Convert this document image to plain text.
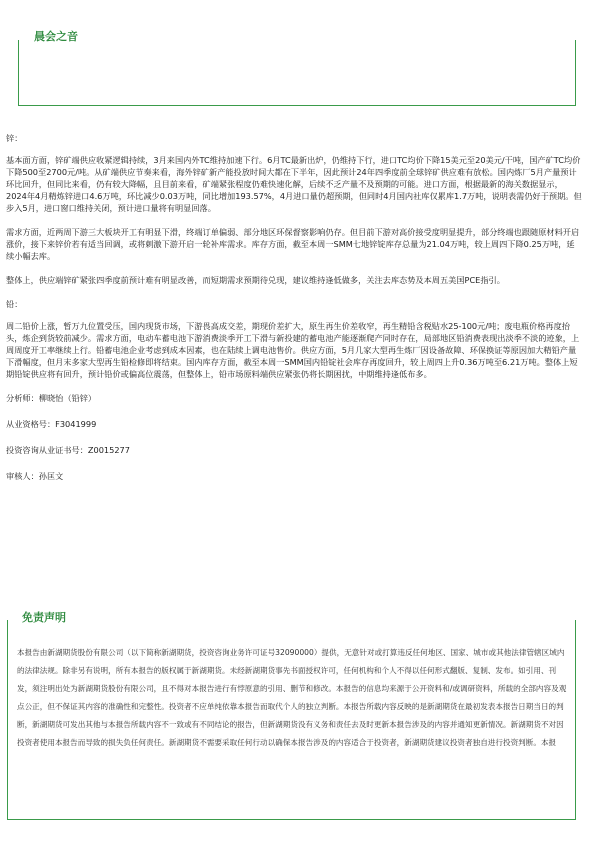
晨会之音

锌：

基本面方面，锌矿端供应收紧逻辑持续，3月来国内外TC维持加速下行。6月TC最新出炉，仍维持下行，进口TC均价下降15美元至20美元/干吨，国产矿TC均价下降500至2700元/吨。从矿端供应节奏来看，海外锌矿新产能投放时间大都在下半年，因此预计24年四季度前全球锌矿供应难有放松。国内炼厂5月产量预计环比回升，但同比来看，仍有较大降幅，且目前来看，矿端紧张程度仍难快速化解，后续不乏产量不及预期的可能。进口方面，根据最新的海关数据显示，2024年4月精炼锌进口4.6万吨，环比减少0.03万吨，同比增加193.57%，4月进口量仍超预期，但同时4月国内社库仅累库1.7万吨，说明表需仍好于预期。但步入5月，进口窗口维持关闭，预计进口量将有明显回落。

需求方面，近两周下游三大板块开工有明显下滑，终端订单偏弱、部分地区环保督察影响仍存。但目前下游对高价接受度明显提升，部分终端也跟随原材料开启涨价，接下来锌价若有适当回调，或将刺激下游开启一轮补库需求。库存方面，截至本周一SMM七地锌锭库存总量为21.04万吨，较上周四下降0.25万吨，延续小幅去库。

整体上，供应端锌矿紧张四季度前预计难有明显改善，而短期需求预期待兑现，建议维持逢低做多，关注去库态势及本周五美国PCE指引。

铅：

周二铅价上涨，暂万九位置受压，国内现货市场，下游畏高成交差，期现价差扩大，原生再生价差收窄，再生精铅含税贴水25-100元/吨；废电瓶价格再度抬头，炼企到货较前减少。需求方面，电动车蓄电池下游消费淡季开工下滑与新投建的蓄电池产能逐渐爬产同时存在，局部地区铅消费表现出淡季不淡的迹象，上周周度开工率继续上行。铅蓄电池企业考虑到成本因素，也在陆续上调电池售价。供应方面，5月几家大型再生炼厂因设备故障、环保换证等原因加大精铅产量下滑幅度，但月末多家大型再生铅检修即将结束。国内库存方面，截至本周一SMM国内铅锭社会库存再度回升，较上周四上升0.36万吨至6.21万吨。整体上短期铅锭供应将有回升，预计铅价或偏高位震荡，但整体上，铅市场原料端供应紧张仍将长期困扰，中期维持逢低布多。

分析师：柳晓怡（铅锌）

从业资格号：F3041999

投资咨询从业证书号：Z0015277

审核人：孙匡文

免责声明
本报告由新湖期货股份有限公司（以下简称新湖期货，投资咨询业务许可证号32090000）提供，无意针对或打算违反任何地区、国家、城市或其他法律管辖区域内的法律法规。除非另有说明，所有本报告的版权属于新湖期货。未经新湖期货事先书面授权许可，任何机构和个人不得以任何形式翻版、复制、发布。如引用、刊发，须注明出处为新湖期货股份有限公司，且不得对本报告进行有悖原意的引用、删节和修改。本报告的信息均来源于公开资料和/或调研资料，所载的全部内容及观点公正，但不保证其内容的准确性和完整性。投资者不应单纯依靠本报告而取代个人的独立判断。本报告所载内容反映的是新湖期货在最初发表本报告日期当日的判断，新湖期货可发出其他与本报告所载内容不一致或有不同结论的报告，但新湖期货没有义务和责任去及时更新本报告涉及的内容并通知更新情况。新湖期货不对因投资者使用本报告而导致的损失负任何责任。新湖期货不需要采取任何行动以确保本报告涉及的内容适合于投资者，新湖期货建议投资者独自进行投资判断。本报
